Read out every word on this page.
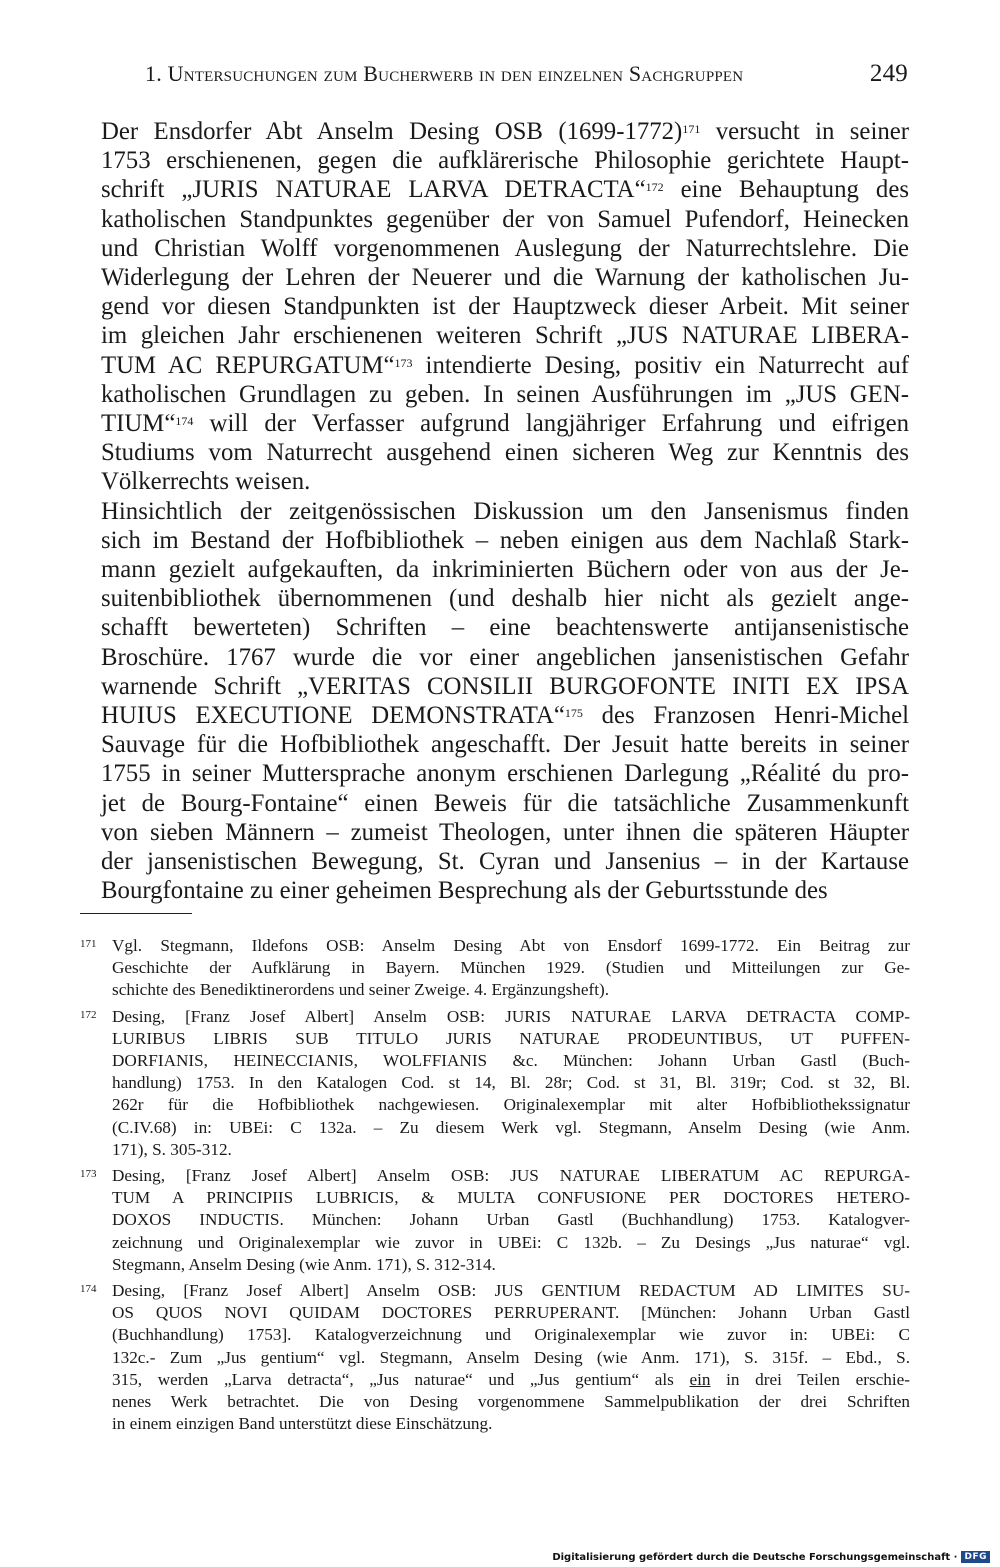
1. Untersuchungen zum Bucherwerb in den einzelnen Sachgruppen	249

Der Ensdorfer Abt Anselm Desing OSB (1699-1772)$^{171}$ versucht in seiner
1753 erschienenen, gegen die aufklärerische Philosophie gerichtete Haupt-
schrift „JURIS NATURAE LARVA DETRACTA“$^{172}$ eine Behauptung des
katholischen Standpunktes gegenüber der von Samuel Pufendorf, Heinecken
und Christian Wolff vorgenommenen Auslegung der Naturrechtslehre. Die
Widerlegung der Lehren der Neuerer und die Warnung der katholischen Ju-
gend vor diesen Standpunkten ist der Hauptzweck dieser Arbeit. Mit seiner
im gleichen Jahr erschienenen weiteren Schrift „JUS NATURAE LIBERA-
TUM AC REPURGATUM“$^{173}$ intendierte Desing, positiv ein Naturrecht auf
katholischen Grundlagen zu geben. In seinen Ausführungen im „JUS GEN-
TIUM“$^{174}$ will der Verfasser aufgrund langjähriger Erfahrung und eifrigen
Studiums vom Naturrecht ausgehend einen sicheren Weg zur Kenntnis des
Völkerrechts weisen.

Hinsichtlich der zeitgenössischen Diskussion um den Jansenismus finden
sich im Bestand der Hofbibliothek – neben einigen aus dem Nachlaß Stark-
mann gezielt aufgekauften, da inkriminierten Büchern oder von aus der Je-
suitenbibliothek übernommenen (und deshalb hier nicht als gezielt ange-
schafft bewerteten) Schriften – eine beachtenswerte antijansenistische
Broschüre. 1767 wurde die vor einer angeblichen jansenistischen Gefahr
warnende Schrift „VERITAS CONSILII BURGOFONTE INITI EX IPSA
HUIUS EXECUTIONE DEMONSTRATA“$^{175}$ des Franzosen Henri-Michel
Sauvage für die Hofbibliothek angeschafft. Der Jesuit hatte bereits in seiner
1755 in seiner Muttersprache anonym erschienen Darlegung „Réalité du pro-
jet de Bourg-Fontaine“ einen Beweis für die tatsächliche Zusammenkunft
von sieben Männern – zumeist Theologen, unter ihnen die späteren Häupter
der jansenistischen Bewegung, St. Cyran und Jansenius – in der Kartause
Bourgfontaine zu einer geheimen Besprechung als der Geburtsstunde des

171 Vgl. Stegmann, Ildefons OSB: Anselm Desing Abt von Ensdorf 1699-1772. Ein Beitrag zur
Geschichte der Aufklärung in Bayern. München 1929. (Studien und Mitteilungen zur Ge-
schichte des Benediktinerordens und seiner Zweige. 4. Ergänzungsheft).
172 Desing, [Franz Josef Albert] Anselm OSB: JURIS NATURAE LARVA DETRACTA COMP-
LURIBUS LIBRIS SUB TITULO JURIS NATURAE PRODEUNTIBUS, UT PUFFEN-
DORFIANIS, HEINECCIANIS, WOLFFIANIS &c. München: Johann Urban Gastl (Buch-
handlung) 1753. In den Katalogen Cod. st 14, Bl. 28r; Cod. st 31, Bl. 319r; Cod. st 32, Bl.
262r für die Hofbibliothek nachgewiesen. Originalexemplar mit alter Hofbibliothekssignatur
(C.IV.68) in: UBEi: C 132a. – Zu diesem Werk vgl. Stegmann, Anselm Desing (wie Anm.
171), S. 305-312.
173 Desing, [Franz Josef Albert] Anselm OSB: JUS NATURAE LIBERATUM AC REPURGA-
TUM A PRINCIPIIS LUBRICIS, & MULTA CONFUSIONE PER DOCTORES HETERO-
DOXOS INDUCTIS. München: Johann Urban Gastl (Buchhandlung) 1753. Katalogver-
zeichnung und Originalexemplar wie zuvor in UBEi: C 132b. – Zu Desings „Jus naturae“ vgl.
Stegmann, Anselm Desing (wie Anm. 171), S. 312-314.
174 Desing, [Franz Josef Albert] Anselm OSB: JUS GENTIUM REDACTUM AD LIMITES SU-
OS QUOS NOVI QUIDAM DOCTORES PERRUPERANT. [München: Johann Urban Gastl
(Buchhandlung) 1753]. Katalogverzeichnung und Originalexemplar wie zuvor in: UBEi: C
132c.- Zum „Jus gentium“ vgl. Stegmann, Anselm Desing (wie Anm. 171), S. 315f. – Ebd., S.
315, werden „Larva detracta“, „Jus naturae“ und „Jus gentium“ als ein in drei Teilen erschie-
nenes Werk betrachtet. Die von Desing vorgenommene Sammelpublikation der drei Schriften
in einem einzigen Band unterstützt diese Einschätzung.
Digitalisierung gefördert durch die Deutsche Forschungsgemeinschaft · DFG
